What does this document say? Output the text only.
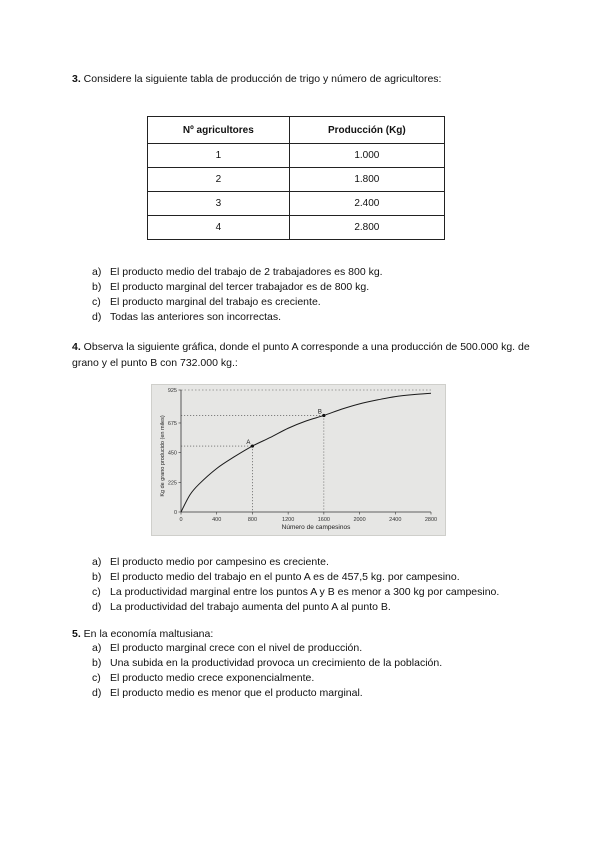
3. Considere la siguiente tabla de producción de trigo y número de agricultores:
Nº agricultores	Producción (Kg)
1	1.000
2	1.800
3	2.400
4	2.800
a) El producto medio del trabajo de 2 trabajadores es 800 kg.
b) El producto marginal del tercer trabajador es de 800 kg.
c) El producto marginal del trabajo es creciente.
d) Todas las anteriores son incorrectas.
4. Observa la siguiente gráfica, donde el punto A corresponde a una producción de 500.000 kg. de grano y el punto B con 732.000 kg.:
0	400	800	1200	1600	2000	2400	2800
0
225
450
675
925
A
B
Número de campesinos
Kg de grano producido (en miles)
a) El producto medio por campesino es creciente.
b) El producto medio del trabajo en el punto A es de 457,5 kg. por campesino.
c) La productividad marginal entre los puntos A y B es menor a 300 kg por campesino.
d) La productividad del trabajo aumenta del punto A al punto B.
5. En la economía maltusiana:
a) El producto marginal crece con el nivel de producción.
b) Una subida en la productividad provoca un crecimiento de la población.
c) El producto medio crece exponencialmente.
d) El producto medio es menor que el producto marginal.
